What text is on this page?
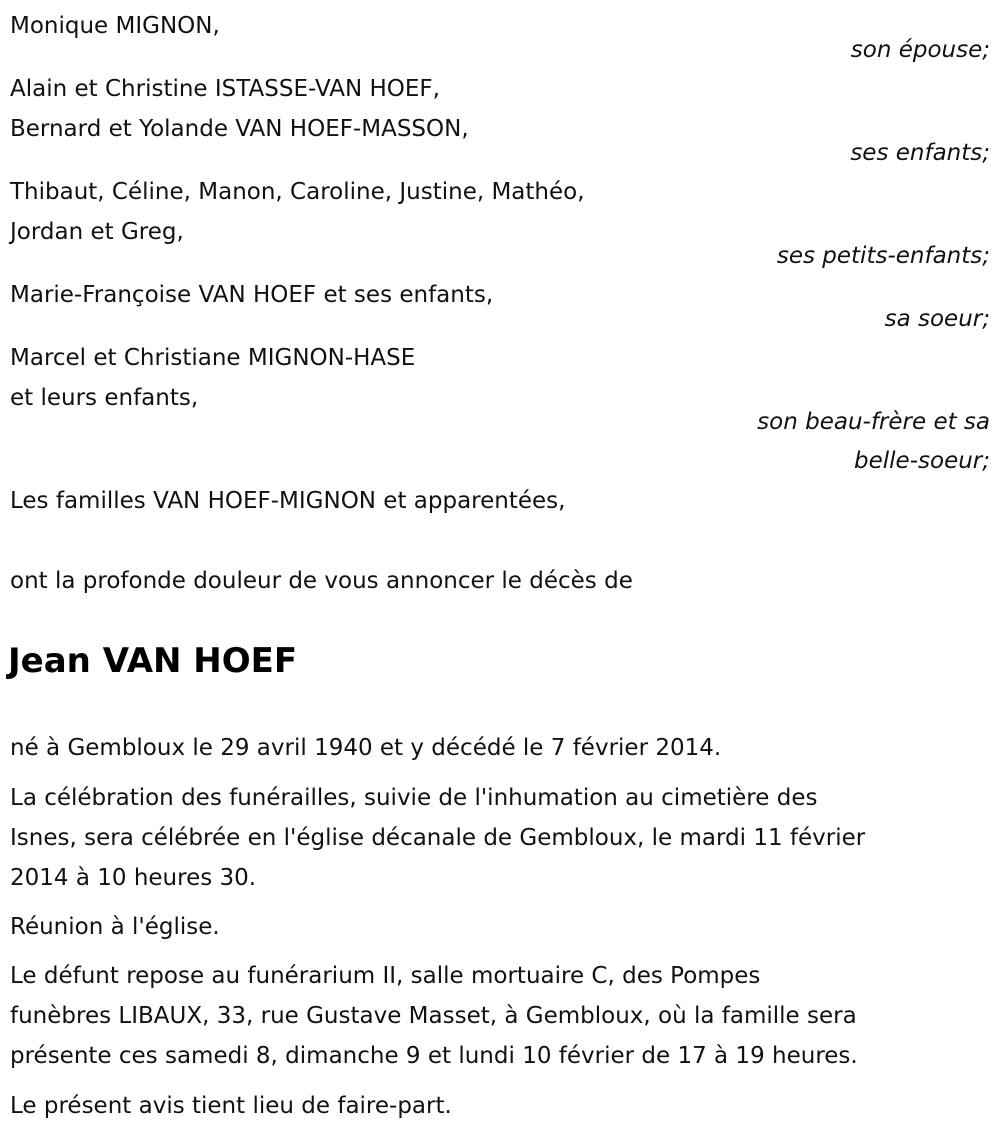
Monique MIGNON,
son épouse;
Alain et Christine ISTASSE-VAN HOEF,
Bernard et Yolande VAN HOEF-MASSON,
ses enfants;
Thibaut, Céline, Manon, Caroline, Justine, Mathéo,
Jordan et Greg,
ses petits-enfants;
Marie-Françoise VAN HOEF et ses enfants,
sa soeur;
Marcel et Christiane MIGNON-HASE
et leurs enfants,
son beau-frère et sa
belle-soeur;
Les familles VAN HOEF-MIGNON et apparentées,
ont la profonde douleur de vous annoncer le décès de
Jean VAN HOEF
né à Gembloux le 29 avril 1940 et y décédé le 7 février 2014.
La célébration des funérailles, suivie de l'inhumation au cimetière des
Isnes, sera célébrée en l'église décanale de Gembloux, le mardi 11 février
2014 à 10 heures 30.
Réunion à l'église.
Le défunt repose au funérarium II, salle mortuaire C, des Pompes
funèbres LIBAUX, 33, rue Gustave Masset, à Gembloux, où la famille sera
présente ces samedi 8, dimanche 9 et lundi 10 février de 17 à 19 heures.
Le présent avis tient lieu de faire-part.
